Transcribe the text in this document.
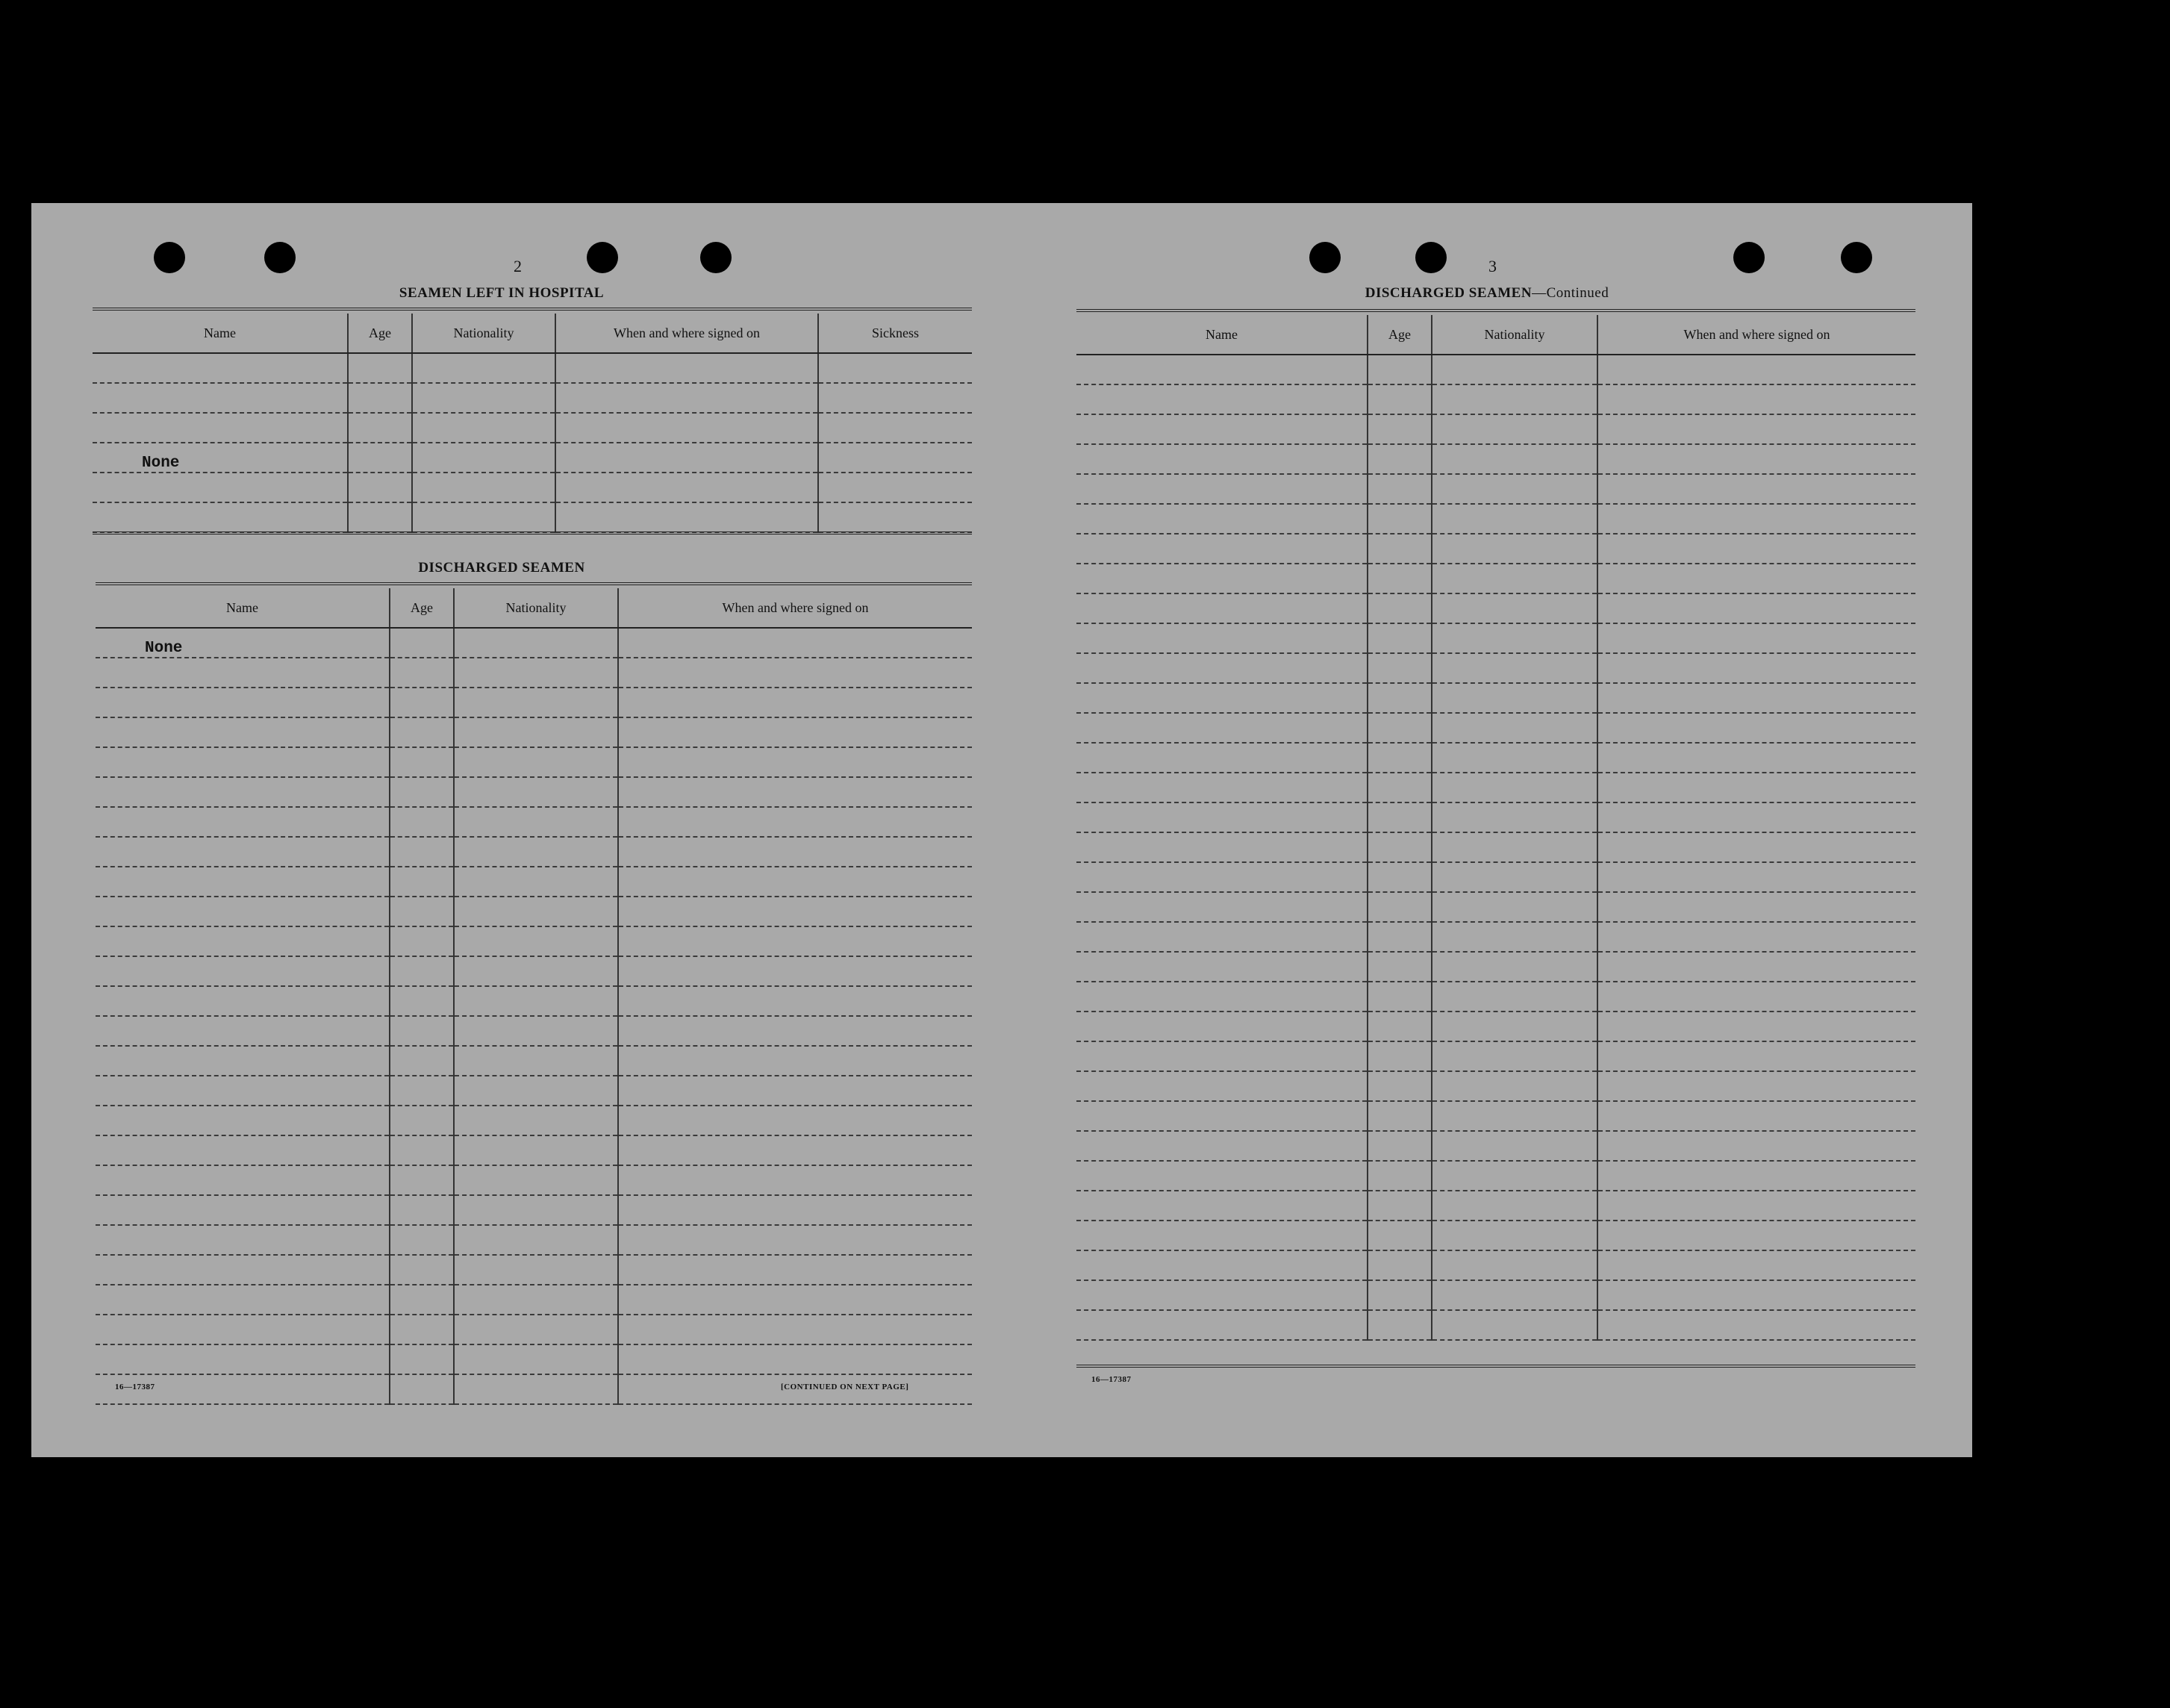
2
SEAMEN LEFT IN HOSPITAL
Name	Age	Nationality	When and where signed on	Sickness

None				

DISCHARGED SEAMEN
Name	Age	Nationality	When and where signed on
None			

16—17387	[CONTINUED ON NEXT PAGE]
3
DISCHARGED SEAMEN—Continued
Name	Age	Nationality	When and where signed on

16—17387
